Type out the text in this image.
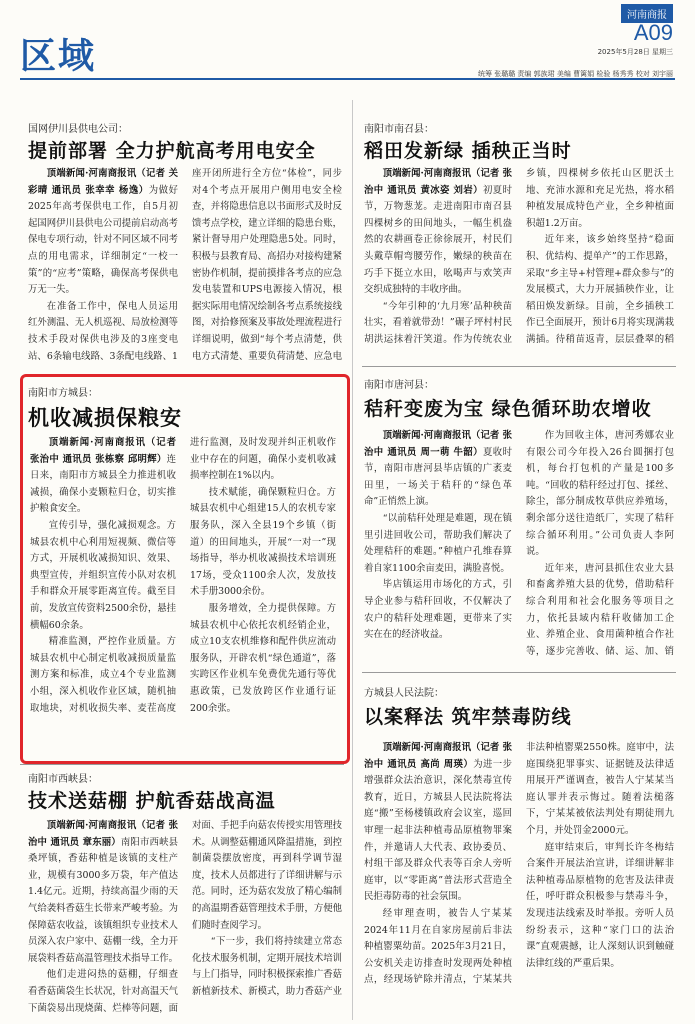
区域
河南商报
A09
2025年5月28日 星期三
统筹 张璐璐 责编 郭族珺 美编 曹篱娟 检验 杨秀秀 校对 刘宇丽
国网伊川县供电公司：
提前部署 全力护航高考用电安全

顶端新闻·河南商报讯（记者 关彩晴 通讯员 张幸幸 杨逸）为做好2025年高考保供电工作，自5月初起国网伊川县供电公司提前启动高考保电专项行动，针对不同区域不同考点的用电需求，详细制定“一校一策”的“应考”策略，确保高考保供电万无一失。

在准备工作中，保电人员运用红外测温、无人机巡视、局放检测等技术手段对保供电涉及的3座变电站、6条输电线路、3条配电线路、1座开闭所进行全方位“体检”，同步对4个考点开展用户侧用电安全检查，并将隐患信息以书面形式及时反馈考点学校，建立详细的隐患台账，紧计督导用户处理隐患5处。同时，积极与县教育局、高招办对接构建紧密协作机制，提前摸排各考点的应急发电装置和UPS电源接入情况，根据实际用电情况绘制各考点系统接线图，对拾修预案及事故处理流程进行详细说明，做到“每个考点清楚，供电方式清楚、重要负荷清楚、应急电

南阳市方城县：
机收减损保粮安

顶端新闻·河南商报讯（记者 张治中 通讯员 张栋察 邱明辉）连日来，南阳市方城县全力推进机收减损，确保小麦颗粒归仓，切实推护粮食安全。

宣传引导，强化减损观念。方城县农机中心利用短视频、微信等方式，开展机收减损知识、效果、典型宣传，并组织宣传小队对农机手和群众开展零距离宣传。截至目前，发放宣传资料2500余份，悬挂横幅60余条。

精准监测，严控作业质量。方城县农机中心制定机收减损质量监测方案和标准，成立4个专业监测小组，深入机收作业区域，随机抽取地块，对机收损失率、麦茬高度进行监测，及时发现并纠正机收作业中存在的问题，确保小麦机收减损率控制在1%以内。

技术赋能，确保颗粒归仓。方城县农机中心组建15人的农机专家服务队，深入全县19个乡镇（街道）的田间地头，开展“一对一”现场指导，举办机收减损技术培训班17场，受众1100余人次，发放技术手册3000余份。

服务增效，全力提供保障。方城县农机中心依托农机经销企业，成立10支农机维修和配件供应流动服务队，开辟农机“绿色通道”，落实跨区作业机车免费优先通行等优惠政策，已发放跨区作业通行证200余张。

南阳市西峡县：
技术送菇棚 护航香菇战高温

顶端新闻·河南商报讯（记者 张治中 通讯员 章东丽）南阳市西峡县桑坪镇，香菇种植是该镇的支柱产业，规模有3000多万袋，年产值达1.4亿元。近期，持续高温少雨的天气给袭料香菇生长带来严峻考验。为保障菇农收益，该镇组织专业技术人员深入农户家中、菇棚一线，全力开展袋料香菇高温管理技术指导工作。

他们走进闷热的菇棚，仔细查看香菇菌袋生长状况，针对高温天气下菌袋易出现烧菌、烂棒等问题，面对面、手把手向菇农传授实用管理技术。从调整菇棚通风降温措施，到控制菌袋摆放密度，再到科学调节湿度，技术人员都进行了详细讲解与示范。同时，还为菇农发放了精心编制的高温期香菇管理技术手册，方便他们随时查阅学习。

“下一步，我们将持续建立常态化技术服务机制，定期开展技术培训与上门指导，同时积极探索推广香菇新植新技术、新模式，助力香菇产业

南阳市南召县：
稻田发新绿 插秧正当时

顶端新闻·河南商报讯（记者 张治中 通讯员 黄冰姿 刘岩）初夏时节，万物葱茏。走进南阳市南召县四棵树乡的田间地头，一幅生机盎然的农耕画卷正徐徐展开，村民们头戴草帽弯腰劳作，嫩绿的秧苗在巧手下挺立水田，吆喝声与欢笑声交织成独特的丰收序曲。

“今年引种的‘九月寒’品种秧苗壮实，看着就带劲！”碾子坪村村民胡洪运抹着汗笑道。作为传统农业乡镇，四棵树乡依托山区肥沃土地、充沛水源和充足光热，将水稻种植发展成特色产业，全乡种植面积超1.2万亩。

近年来，该乡始终坚持“稳面积、优结构、提单产”的工作思路，采取“乡主导+村管理+群众参与”的发展模式，大力开展插秧作业，让稻田焕发新绿。目前，全乡插秧工作已全面展开，预计6月将实现满栽满插。待稍苗返青，层层叠翠的稻

南阳市唐河县：
秸秆变废为宝 绿色循环助农增收

顶端新闻·河南商报讯（记者 张治中 通讯员 周一萌 牛韶）夏收时节，南阳市唐河县毕店镇的广袤麦田里，一场关于秸秆的“绿色革命”正悄然上演。

“以前秸秆处理是难题，现在镇里引进回收公司，帮助我们解决了处理秸秆的难题。”种植户孔维春算着自家1100余亩麦田，满脸喜悦。

毕店镇运用市场化的方式，引导企业参与秸秆回收，不仅解决了农户的秸秆处理难题，更带来了实实在在的经济收益。

作为回收主体，唐河秀娜农业有限公司今年投入26台圆捆打包机，每台打包机的产量是100多吨。“回收的秸秆经过打包、揉丝、除尘，部分制成牧草供应养殖场，剩余部分送往造纸厂，实现了秸秆综合循环利用。”公司负责人李阿说。

近年来，唐河县抓住农业大县和畜禽养殖大县的优势，借助秸秆综合利用和社会化服务等项目之力，依托县域内秸秆收储加工企业、养殖企业、食用菌种植合作社等，逐步完善收、储、运、加、销

方城县人民法院：
以案释法 筑牢禁毒防线

顶端新闻·河南商报讯（记者 张治中 通讯员 高尚 周瑛）为进一步增强群众法治意识，深化禁毒宣传教育，近日，方城县人民法院将法庭“搬”至杨楼镇政府会议室，巡回审理一起非法种植毒品原植物罪案件，并邀请人大代表、政协委员、村组干部及群众代表等百余人旁听庭审，以“零距离”普法形式营造全民拒毒防毒的社会氛围。

经审理查明，被告人宁某某2024年11月在自家房屋前后非法种植罂粟幼苗。2025年3月21日，公安机关走访排查时发现两处种植点，经现场铲除并清点，宁某某共非法种植罂粟2550株。庭审中，法庭围绕犯罪事实、证据链及法律适用展开严谨调查，被告人宁某某当庭认罪并表示悔过。随着法槌落下，宁某某被依法判处有期徒刑九个月，并处罚金2000元。

庭审结束后，审判长许冬梅结合案件开展法治宣讲，详细讲解非法种植毒品原植物的危害及法律责任，呼吁群众积极参与禁毒斗争，发现违法线索及时举报。旁听人员纷纷表示，这种“家门口的法治课”直观震撼，让人深刻认识到触碰法律红线的严重后果。
